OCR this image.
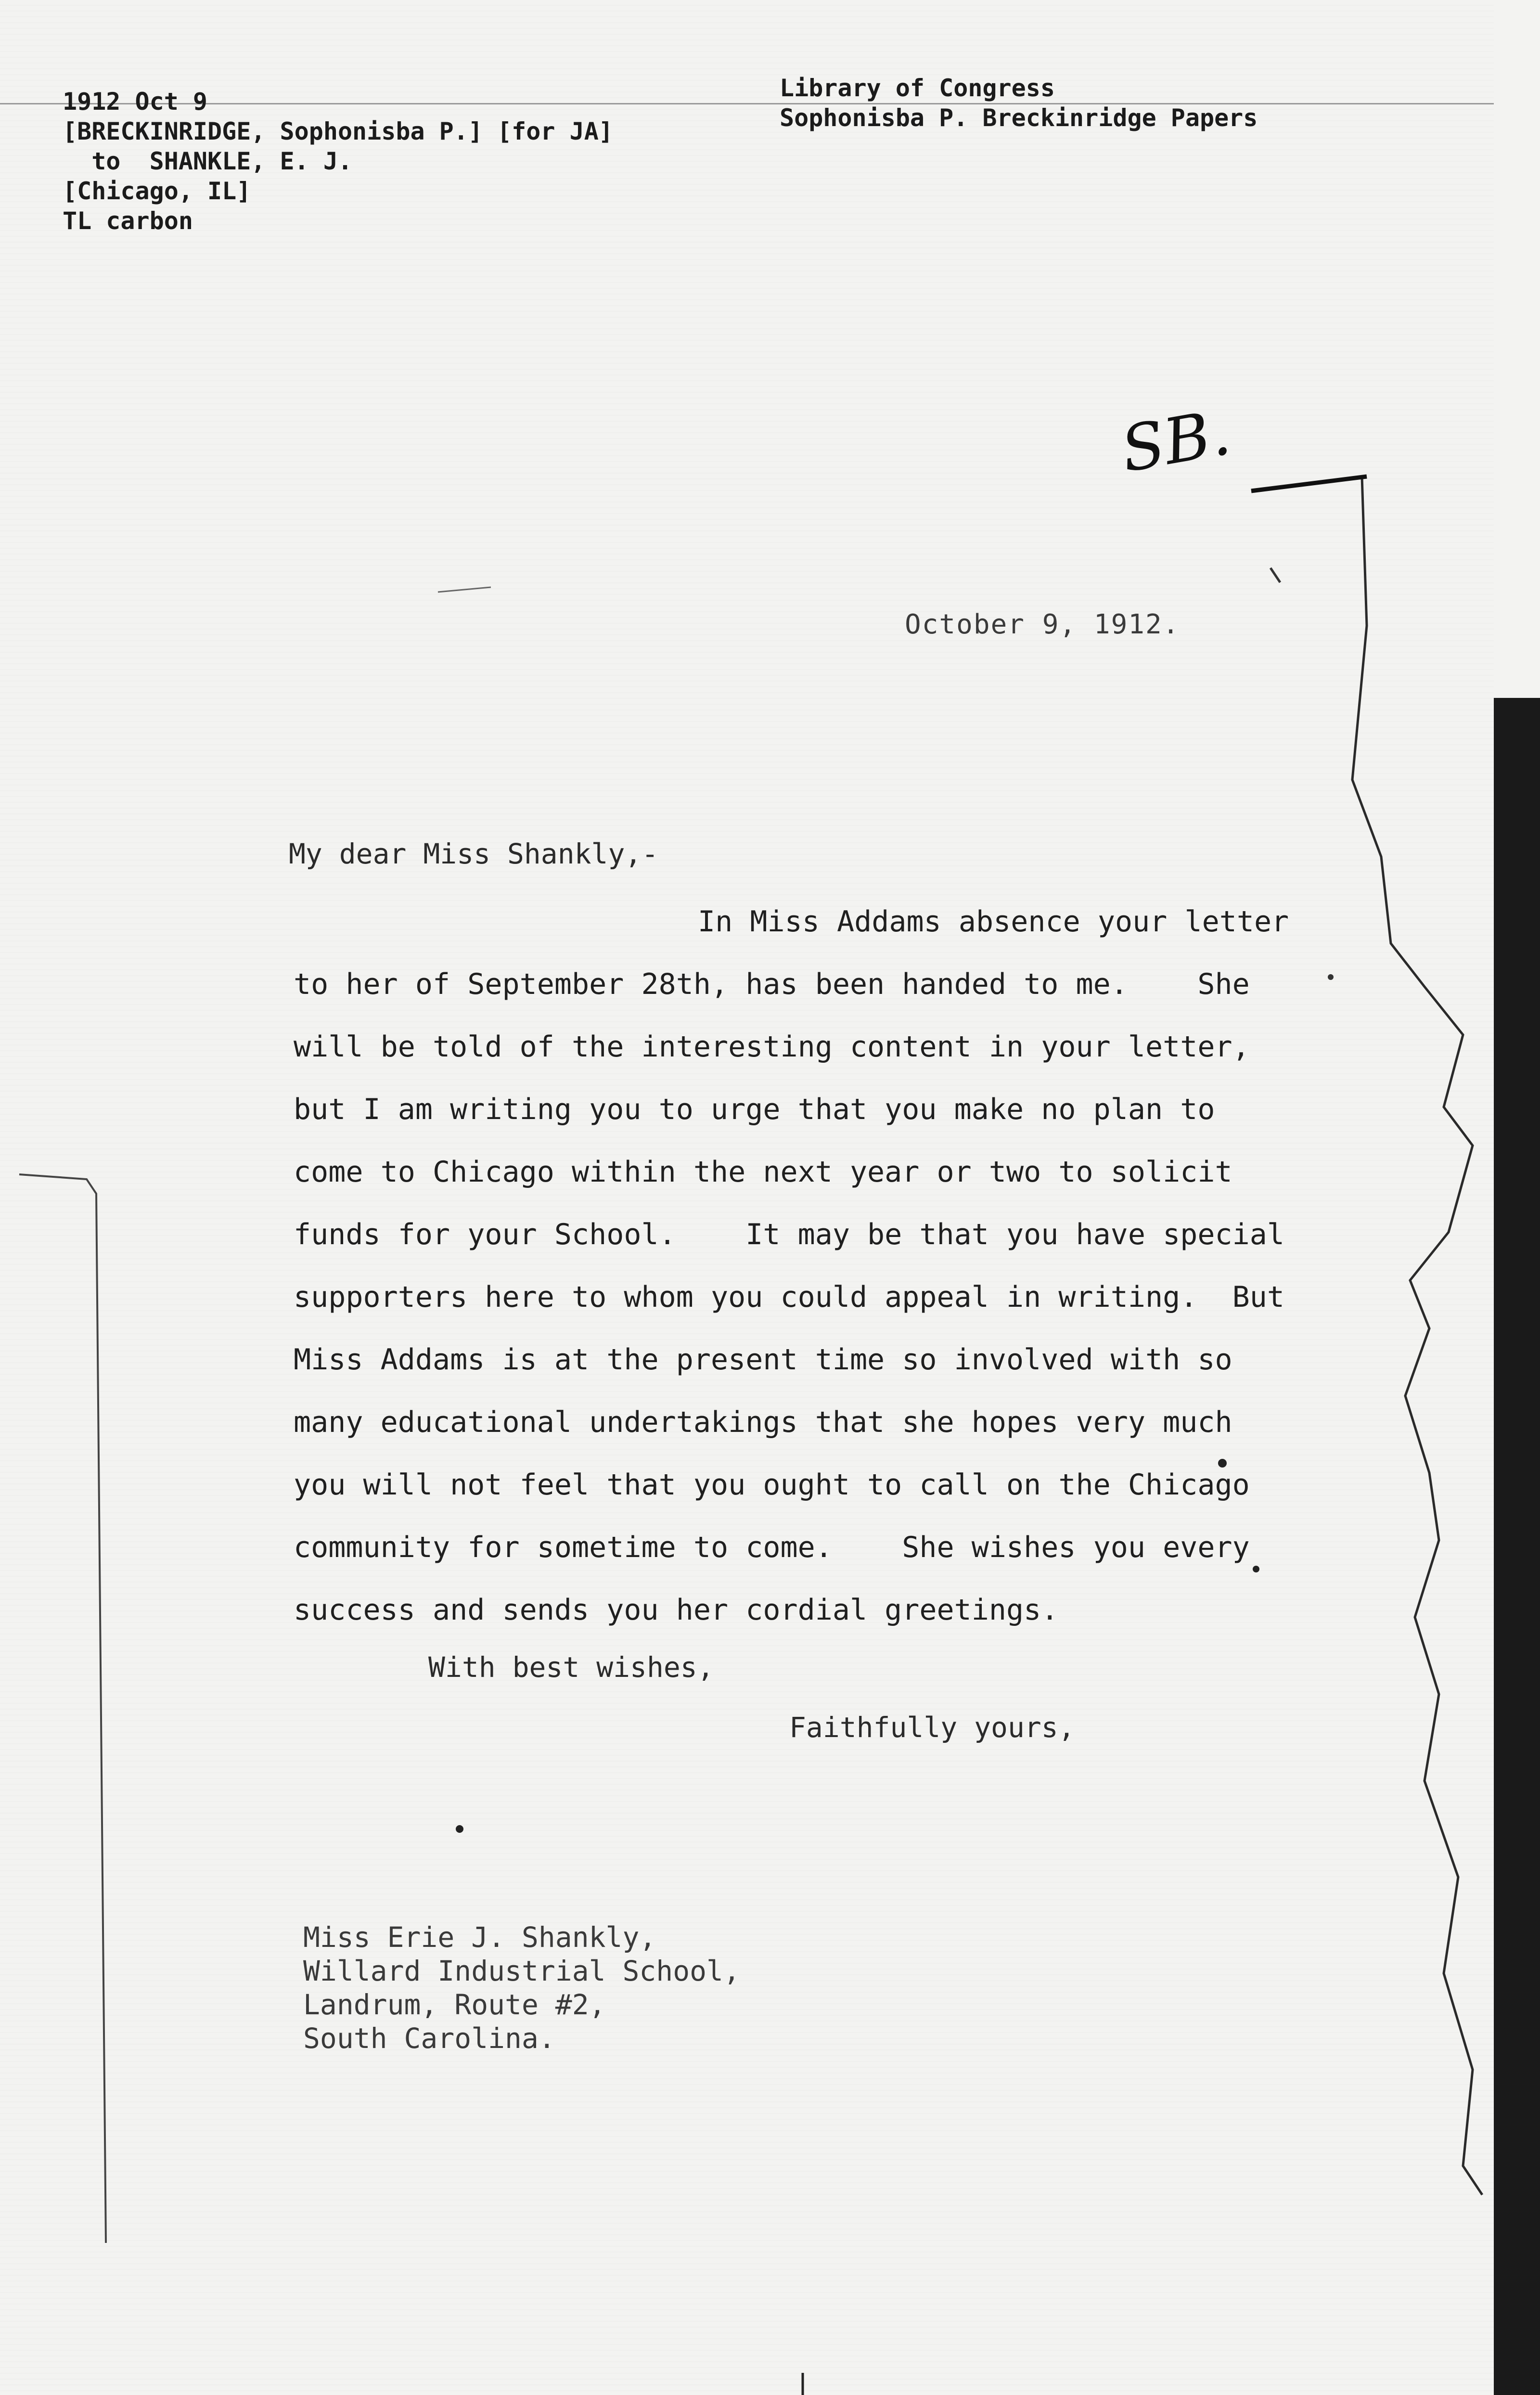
1912 Oct 9
[BRECKINRIDGE, Sophonisba P.] [for JA]
to  SHANKLE, E. J.
[Chicago, IL]
TL carbon
Library of Congress
Sophonisba P. Breckinridge Papers
SB.
October 9, 1912.
My dear Miss Shankly,-
In Miss Addams absence your letter
to her of September 28th, has been handed to me.    She
will be told of the interesting content in your letter,
but I am writing you to urge that you make no plan to
come to Chicago within the next year or two to solicit
funds for your School.    It may be that you have special
supporters here to whom you could appeal in writing.  But
Miss Addams is at the present time so involved with so
many educational undertakings that she hopes very much
you will not feel that you ought to call on the Chicago
community for sometime to come.    She wishes you every
success and sends you her cordial greetings.
With best wishes,
Faithfully yours,
Miss Erie J. Shankly,
Willard Industrial School,
Landrum, Route #2,
South Carolina.
